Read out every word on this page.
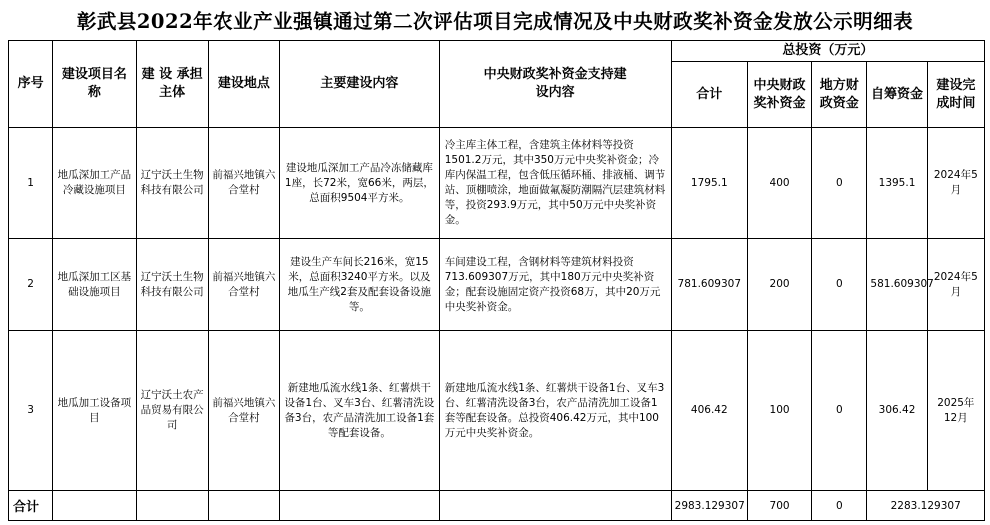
彰武县2022年农业产业强镇通过第二次评估项目完成情况及中央财政奖补资金发放公示明细表
序号	建设项目名称	建 设 承担主体	建设地点	主要建设内容	中央财政奖补资金支持建设内容	总投资（万元）				
						合计	中央财政奖补资金	地方财政资金	自筹资金	建设完成时间
1	地瓜深加工产品冷藏设施项目	辽宁沃土生物科技有限公司	前福兴地镇六合堂村	建设地瓜深加工产品冷冻储藏库1座，长72米，宽66米，两层，总面积9504平方米。	冷主库主体工程，含建筑主体材料等投资1501.2万元，其中350万元中央奖补资金；冷库内保温工程，包含低压循环桶、排液桶、调节站、顶棚喷涂，地面做氟凝防潮隔汽层建筑材料等，投资293.9万元，其中50万元中央奖补资金。	1795.1	400	0	1395.1	2024年5月
2	地瓜深加工区基础设施项目	辽宁沃土生物科技有限公司	前福兴地镇六合堂村	建设生产车间长216米，宽15米，总面积3240平方米。以及地瓜生产线2套及配套设备设施等。	车间建设工程，含钢材料等建筑材料投资713.609307万元，其中180万元中央奖补资金；配套设施固定资产投资68万，其中20万元中央奖补资金。	781.609307	200	0	581.609307	2024年5月
3	地瓜加工设备项目	辽宁沃土农产品贸易有限公司	前福兴地镇六合堂村	新建地瓜流水线1条、红薯烘干设备1台、叉车3台、红薯清洗设备3台，农产品清洗加工设备1套等配套设备。	新建地瓜流水线1条、红薯烘干设备1台、叉车3台、红薯清洗设备3台，农产品清洗加工设备1套等配套设备。总投资406.42万元，其中100万元中央奖补资金。	406.42	100	0	306.42	2025年12月
合计						2983.129307	700	0	2283.129307	
